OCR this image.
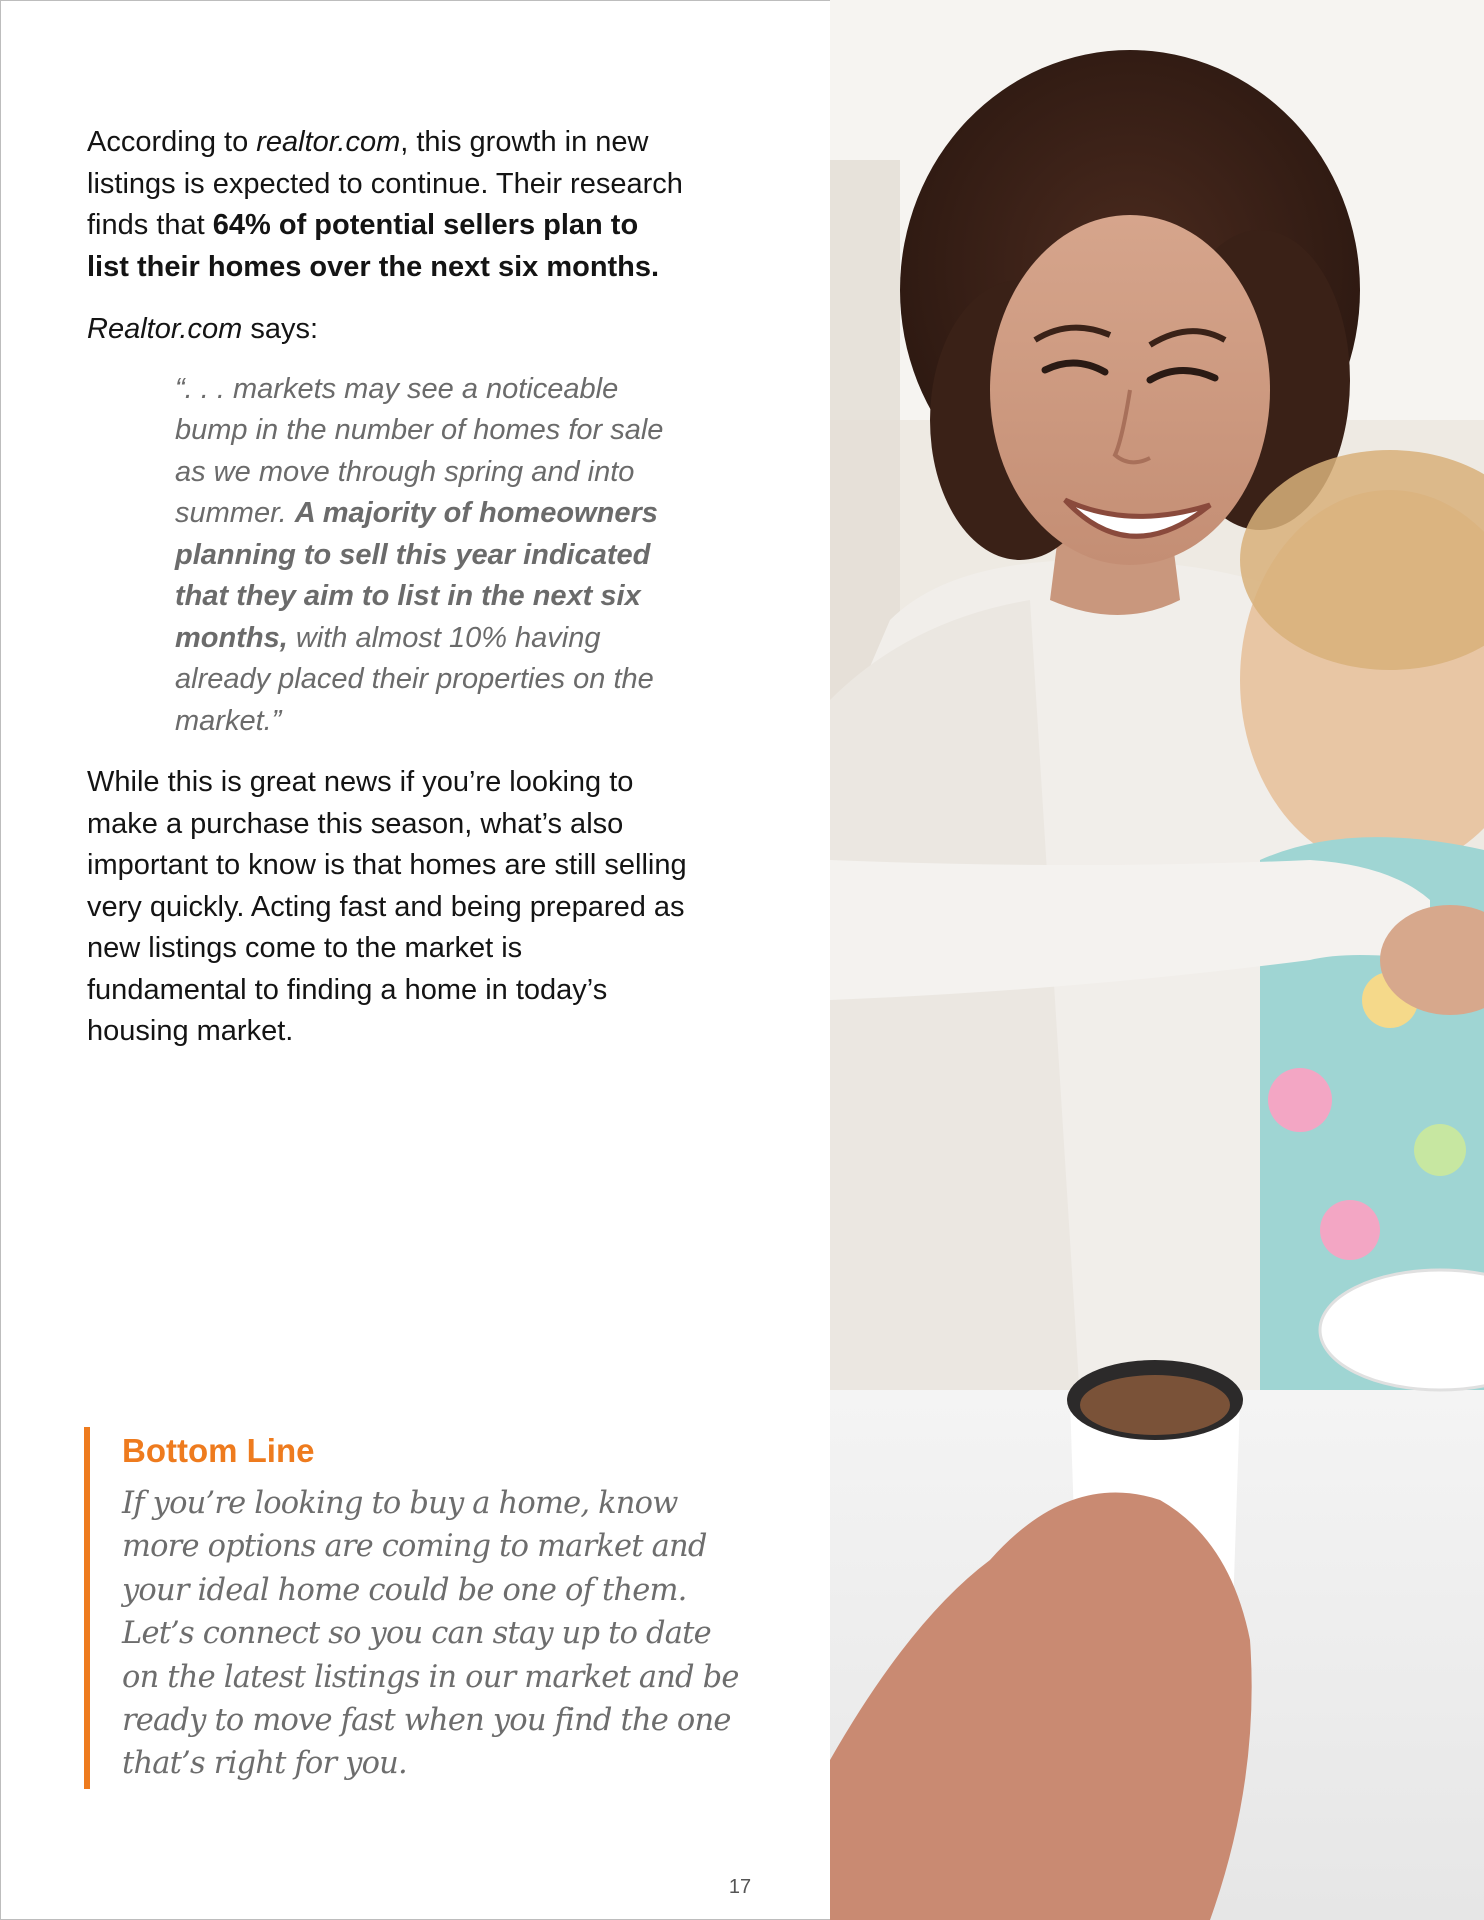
According to realtor.com, this growth in new listings is expected to continue. Their research finds that 64% of potential sellers plan to list their homes over the next six months.

Realtor.com says:

“. . . markets may see a noticeable bump in the number of homes for sale as we move through spring and into summer. A majority of homeowners planning to sell this year indicated that they aim to list in the next six months, with almost 10% having already placed their properties on the market.”

While this is great news if you’re looking to make a purchase this season, what’s also important to know is that homes are still selling very quickly. Acting fast and being prepared as new listings come to the market is fundamental to finding a home in today’s housing market.

Bottom Line
If you’re looking to buy a home, know more options are coming to market and your ideal home could be one of them. Let’s connect so you can stay up to date on the latest listings in our market and be ready to move fast when you find the one that’s right for you.
17
